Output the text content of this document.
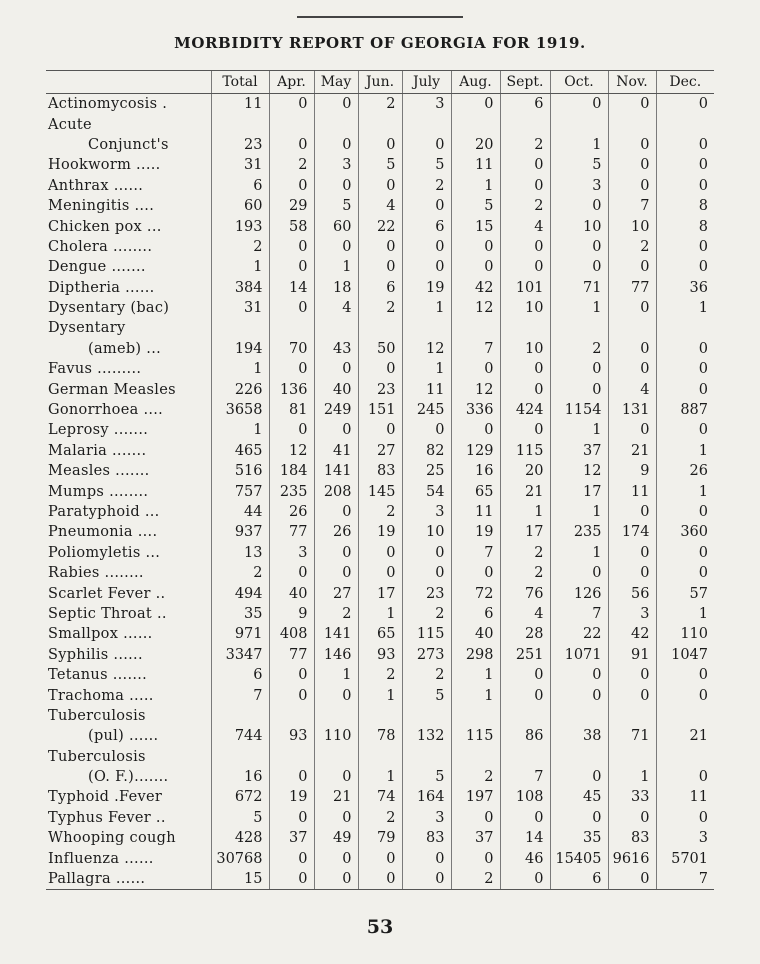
MORBIDITY REPORT OF GEORGIA FOR 1919.
	Total	Apr.	May	Jun.	July	Aug.	Sept.	Oct.	Nov.	Dec.
Actinomycosis .	11	0	0	2	3	0	6	0	0	0
Acute										
Conjunct's	23	0	0	0	0	20	2	1	0	0
Hookworm .....	31	2	3	5	5	11	0	5	0	0
Anthrax ......	6	0	0	0	2	1	0	3	0	0
Meningitis ....	60	29	5	4	0	5	2	0	7	8
Chicken pox ...	193	58	60	22	6	15	4	10	10	8
Cholera ........	2	0	0	0	0	0	0	0	2	0
Dengue .......	1	0	1	0	0	0	0	0	0	0
Diptheria ......	384	14	18	6	19	42	101	71	77	36
Dysentary (bac)	31	0	4	2	1	12	10	1	0	1
Dysentary										
(ameb) ...	194	70	43	50	12	7	10	2	0	0
Favus .........	1	0	0	0	1	0	0	0	0	0
German Measles	226	136	40	23	11	12	0	0	4	0
Gonorrhoea ....	3658	81	249	151	245	336	424	1154	131	887
Leprosy .......	1	0	0	0	0	0	0	1	0	0
Malaria .......	465	12	41	27	82	129	115	37	21	1
Measles .......	516	184	141	83	25	16	20	12	9	26
Mumps ........	757	235	208	145	54	65	21	17	11	1
Paratyphoid ...	44	26	0	2	3	11	1	1	0	0
Pneumonia ....	937	77	26	19	10	19	17	235	174	360
Poliomyletis ...	13	3	0	0	0	7	2	1	0	0
Rabies ........	2	0	0	0	0	0	2	0	0	0
Scarlet Fever ..	494	40	27	17	23	72	76	126	56	57
Septic Throat ..	35	9	2	1	2	6	4	7	3	1
Smallpox ......	971	408	141	65	115	40	28	22	42	110
Syphilis ......	3347	77	146	93	273	298	251	1071	91	1047
Tetanus .......	6	0	1	2	2	1	0	0	0	0
Trachoma .....	7	0	0	1	5	1	0	0	0	0
Tuberculosis										
(pul) ......	744	93	110	78	132	115	86	38	71	21
Tuberculosis										
(O. F.).......	16	0	0	1	5	2	7	0	1	0
Typhoid .Fever	672	19	21	74	164	197	108	45	33	11
Typhus Fever ..	5	0	0	2	3	0	0	0	0	0
Whooping cough	428	37	49	79	83	37	14	35	83	3
Influenza ......	30768	0	0	0	0	0	46	15405	9616	5701
Pallagra ......	15	0	0	0	0	2	0	6	0	7
53
